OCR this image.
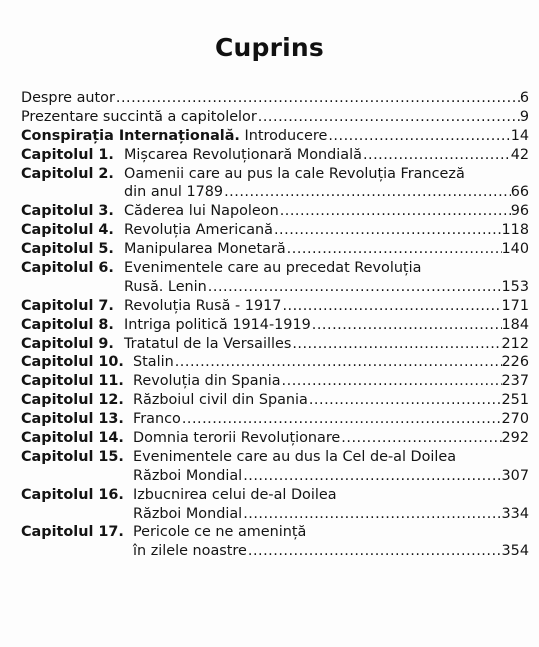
Cuprins
Despre autor .....	6
Prezentare succintă a capitolelor .....	9
Conspirația Internațională. Introducere .....	14
Capitolul 1. Mișcarea Revoluționară Mondială .....	42
Capitolul 2. Oamenii care au pus la cale Revoluția Franceză
din anul 1789 .....	66
Capitolul 3. Căderea lui Napoleon .....	96
Capitolul 4. Revoluția Americană .....	118
Capitolul 5. Manipularea Monetară .....	140
Capitolul 6. Evenimentele care au precedat Revoluția
Rusă. Lenin .....	153
Capitolul 7. Revoluția Rusă - 1917 .....	171
Capitolul 8. Intriga politică 1914-1919 .....	184
Capitolul 9. Tratatul de la Versailles .....	212
Capitolul 10. Stalin .....	226
Capitolul 11. Revoluția din Spania .....	237
Capitolul 12. Războiul civil din Spania .....	251
Capitolul 13. Franco .....	270
Capitolul 14. Domnia terorii Revoluționare .....	292
Capitolul 15. Evenimentele care au dus la Cel de-al Doilea
Război Mondial .....	307
Capitolul 16. Izbucnirea celui de-al Doilea
Război Mondial .....	334
Capitolul 17. Pericole ce ne amenință
în zilele noastre .....	354
